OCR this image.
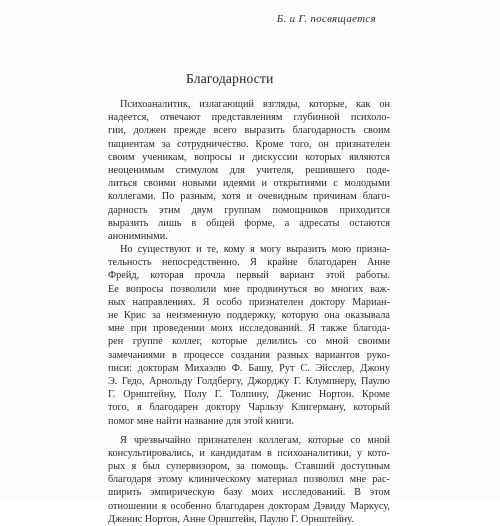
Б. и Г. посвящается
Благодарности

Психоаналитик, излагающий взгляды, которые, как он
надеется, отвечают представлениям глубинной психоло-
гии, должен прежде всего выразить благодарность своим
пациентам за сотрудничество. Кроме того, он признателен
своим ученикам, вопросы и дискуссии которых являются
неоценимым стимулом для учителя, решившего поде-
литься своими новыми идеями и открытиями с молодыми
коллегами. По разным, хотя и очевидным причинам благо-
дарность этим двум группам помощников приходится
выразить лишь в общей форме, а адресаты остаются
анонимными.

Но существуют и те, кому я могу выразить мою призна-
тельность непосредственно. Я крайне благодарен Анне
Фрейд, которая прочла первый вариант этой работы.
Ее вопросы позволили мне продвинуться во многих важ-
ных направлениях. Я особо признателен доктору Мариан-
не Крис за неизменную поддержку, которую она оказывала
мне при проведении моих исследований. Я также благода-
рен группе коллег, которые делились со мной своими
замечаниями в процессе создания разных вариантов руко-
писи: докторам Михаэлю Ф. Башу, Рут С. Эйсслер, Джону
Э. Гедо, Арнольду Голдбергу, Джорджу Г. Клумпнеру, Паулю
Г. Орнштейну, Полу Г. Толпину, Дженис Нортон. Кроме
того, я благодарен доктору Чарльзу Клигерману, который
помог мне найти название для этой книги.

Я чрезвычайно признателен коллегам, которые со мной
консультировались, и кандидатам в психоаналитики, у кото-
рых я был супервизором, за помощь. Ставший доступным
благодаря этому клиническому материал позволил мне рас-
ширить эмпирическую базу моих исследований. В этом
отношении я особенно благодарен докторам Дэвиду Маркусу,
Дженис Нортон, Анне Орнштейн, Паулю Г. Орнштейну.
